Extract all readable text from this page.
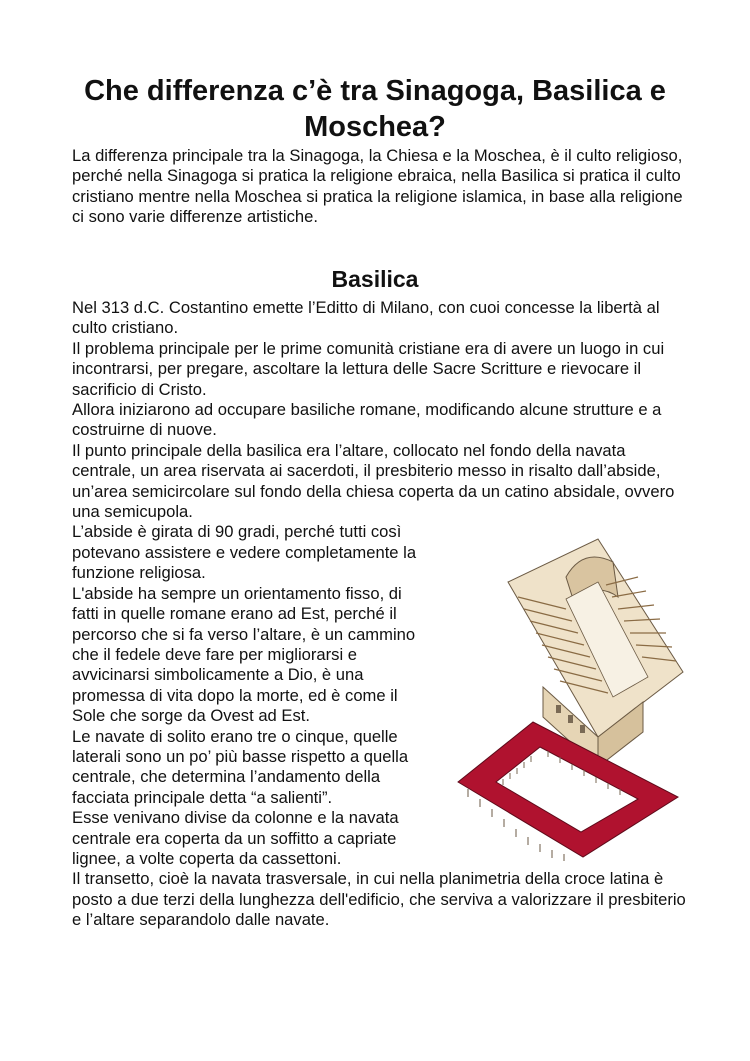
Che differenza c’è tra Sinagoga, Basilica e Moschea?

La differenza principale tra la Sinagoga, la Chiesa e la Moschea, è il culto religioso, perché nella Sinagoga si pratica la religione ebraica, nella Basilica si pratica il culto cristiano mentre nella Moschea si pratica la religione islamica, in base alla religione ci sono varie differenze artistiche.

Basilica

Nel 313 d.C. Costantino emette l’Editto di Milano, con cuoi concesse la libertà al culto cristiano.

Il problema principale per le prime comunità cristiane era di avere un luogo in cui incontrarsi, per pregare, ascoltare la lettura delle Sacre Scritture e rievocare il sacrificio di Cristo.

Allora iniziarono ad occupare basiliche romane, modificando alcune strutture e a costruirne di nuove.

Il punto principale della basilica era l’altare, collocato nel fondo della navata centrale, un area riservata ai sacerdoti, il presbiterio messo in risalto dall’abside, un’area semicircolare sul fondo della chiesa coperta da un catino absidale, ovvero una semicupola.

L’abside è girata di 90 gradi, perché tutti così potevano assistere e vedere completamente la funzione religiosa.

L'abside ha sempre un orientamento fisso, di fatti in quelle romane erano ad Est, perché il percorso che si fa verso l’altare, è un cammino che il fedele deve fare per migliorarsi e avvicinarsi simbolicamente a Dio, è una promessa di vita dopo la morte, ed è come il Sole che sorge da Ovest ad Est.

Le navate di solito erano tre o cinque, quelle laterali sono un po’ più basse rispetto a quella centrale, che determina l’andamento della facciata principale detta “a salienti”.

Esse venivano divise da colonne e la navata centrale era coperta da un soffitto a capriate lignee, a volte coperta da cassettoni.

Il transetto, cioè la navata trasversale, in cui nella planimetria della croce latina è posto a due terzi della lunghezza dell'edificio, che serviva a valorizzare il presbiterio e l’altare separandolo dalle navate.
